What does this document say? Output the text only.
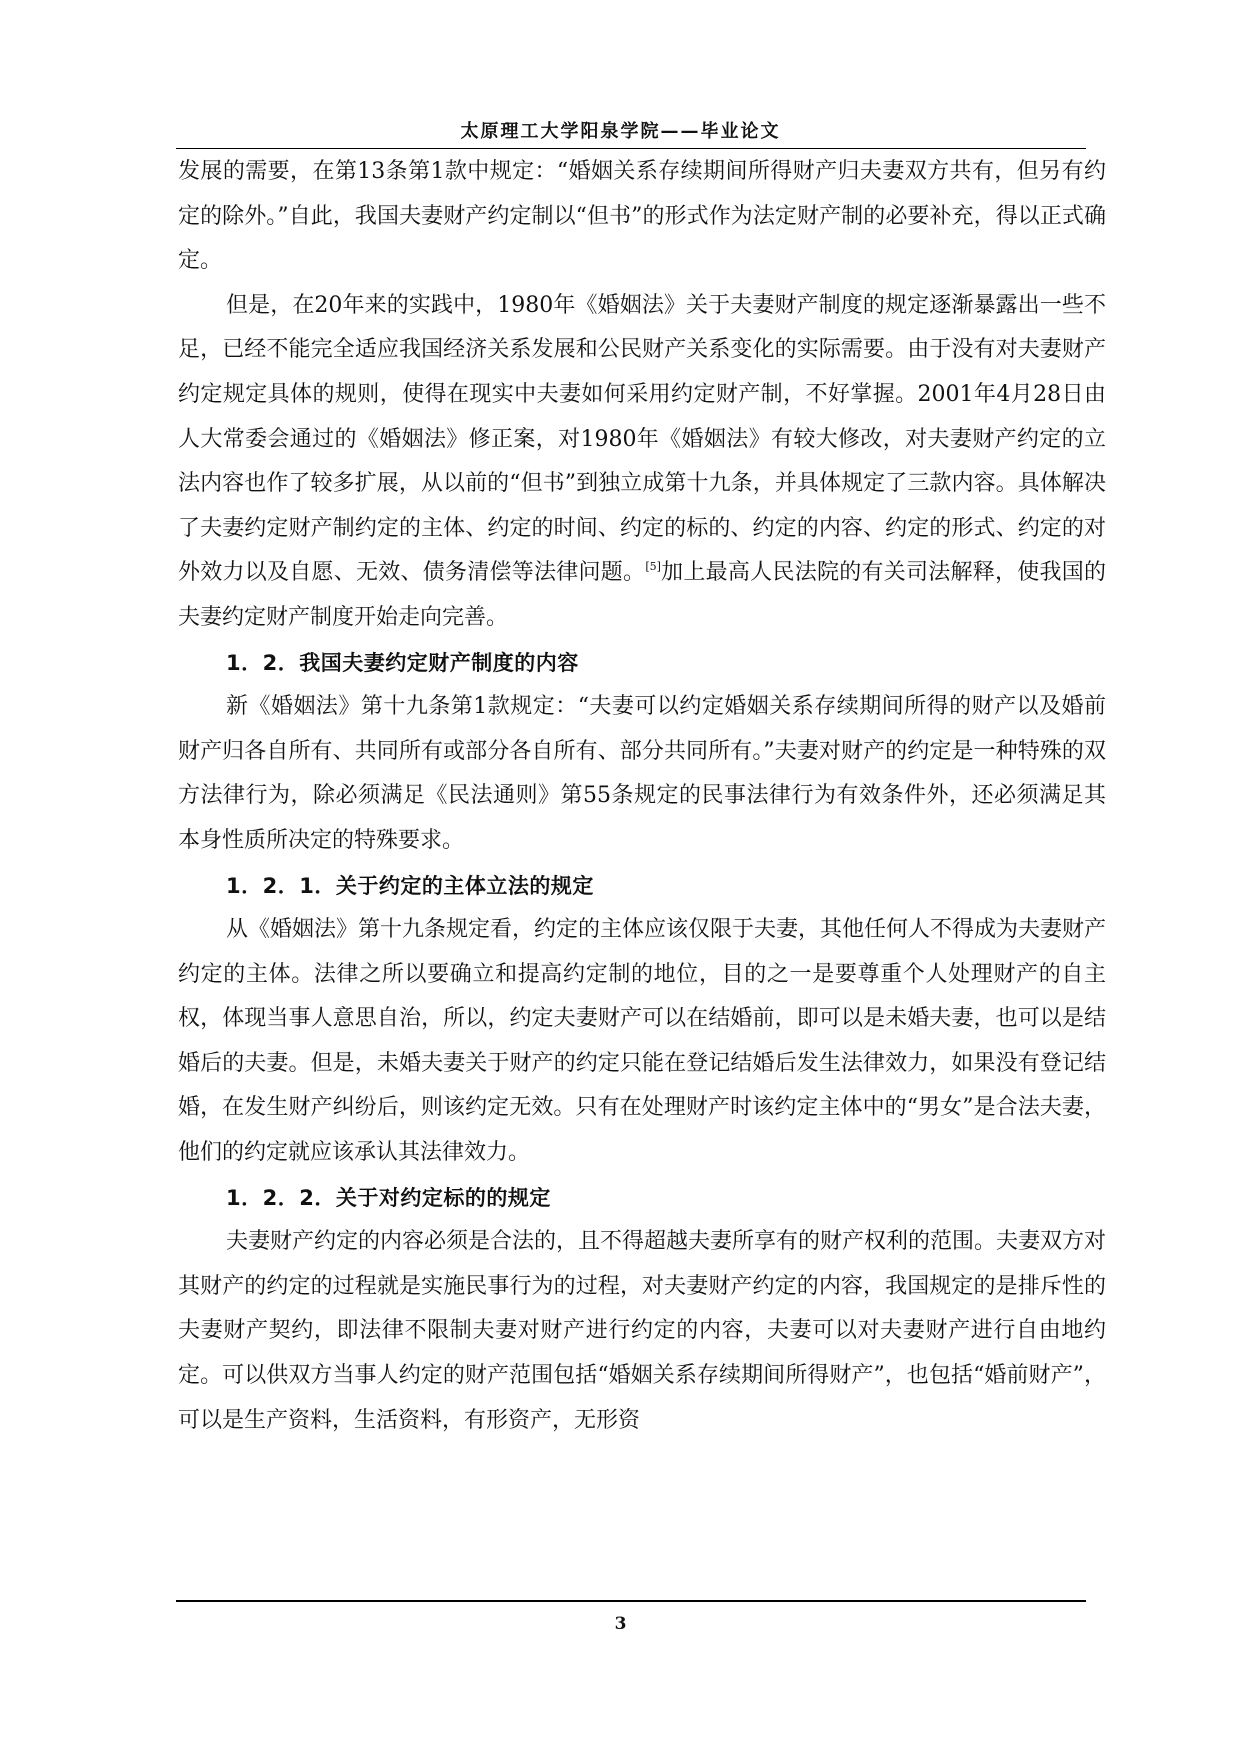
太原理工大学阳泉学院——毕业论文

发展的需要，在第13条第1款中规定：“婚姻关系存续期间所得财产归夫妻双方共有，但另有约定的除外。”自此，我国夫妻财产约定制以“但书”的形式作为法定财产制的必要补充，得以正式确定。

但是，在20年来的实践中，1980年《婚姻法》关于夫妻财产制度的规定逐渐暴露出一些不足，已经不能完全适应我国经济关系发展和公民财产关系变化的实际需要。由于没有对夫妻财产约定规定具体的规则，使得在现实中夫妻如何采用约定财产制，不好掌握。2001年4月28日由人大常委会通过的《婚姻法》修正案，对1980年《婚姻法》有较大修改，对夫妻财产约定的立法内容也作了较多扩展，从以前的“但书”到独立成第十九条，并具体规定了三款内容。具体解决了夫妻约定财产制约定的主体、约定的时间、约定的标的、约定的内容、约定的形式、约定的对外效力以及自愿、无效、债务清偿等法律问题。[5]加上最高人民法院的有关司法解释，使我国的夫妻约定财产制度开始走向完善。

1．2．我国夫妻约定财产制度的内容

新《婚姻法》第十九条第1款规定：“夫妻可以约定婚姻关系存续期间所得的财产以及婚前财产归各自所有、共同所有或部分各自所有、部分共同所有。”夫妻对财产的约定是一种特殊的双方法律行为，除必须满足《民法通则》第55条规定的民事法律行为有效条件外，还必须满足其本身性质所决定的特殊要求。

1．2．1．关于约定的主体立法的规定

从《婚姻法》第十九条规定看，约定的主体应该仅限于夫妻，其他任何人不得成为夫妻财产约定的主体。法律之所以要确立和提高约定制的地位，目的之一是要尊重个人处理财产的自主权，体现当事人意思自治，所以，约定夫妻财产可以在结婚前，即可以是未婚夫妻，也可以是结婚后的夫妻。但是，未婚夫妻关于财产的约定只能在登记结婚后发生法律效力，如果没有登记结婚，在发生财产纠纷后，则该约定无效。只有在处理财产时该约定主体中的“男女”是合法夫妻，他们的约定就应该承认其法律效力。

1．2．2．关于对约定标的的规定

夫妻财产约定的内容必须是合法的，且不得超越夫妻所享有的财产权利的范围。夫妻双方对其财产的约定的过程就是实施民事行为的过程，对夫妻财产约定的内容，我国规定的是排斥性的夫妻财产契约，即法律不限制夫妻对财产进行约定的内容，夫妻可以对夫妻财产进行自由地约定。可以供双方当事人约定的财产范围包括“婚姻关系存续期间所得财产”，也包括“婚前财产”，可以是生产资料，生活资料，有形资产，无形资

3
